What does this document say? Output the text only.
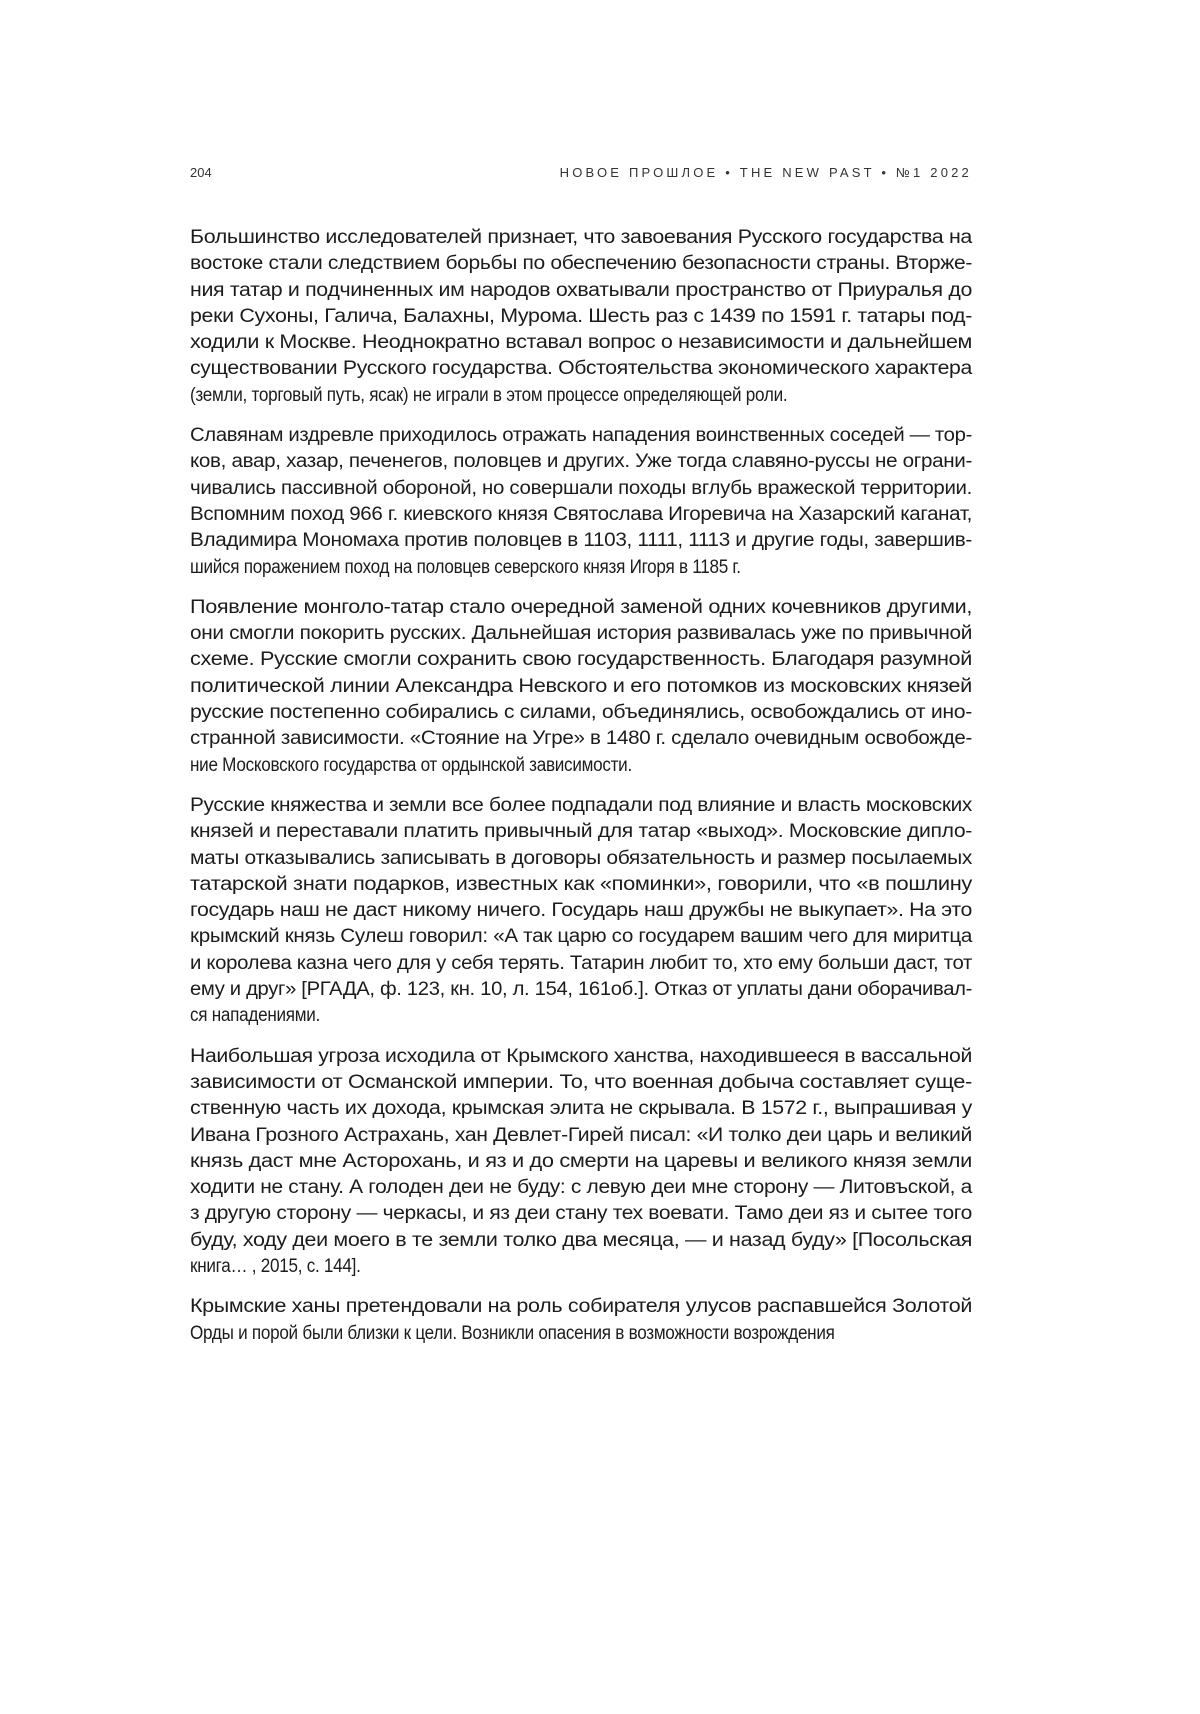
204	НОВОЕ ПРОШЛОЕ • THE NEW PAST • №1 2022
Большинство исследователей признает, что завоевания Русского государства на
востоке стали следствием борьбы по обеспечению безопасности страны. Вторже-
ния татар и подчиненных им народов охватывали пространство от Приуралья до
реки Сухоны, Галича, Балахны, Мурома. Шесть раз с 1439 по 1591 г. татары под-
ходили к Москве. Неоднократно вставал вопрос о независимости и дальнейшем
существовании Русского государства. Обстоятельства экономического характера
(земли, торговый путь, ясак) не играли в этом процессе определяющей роли.
Славянам издревле приходилось отражать нападения воинственных соседей — тор-
ков, авар, хазар, печенегов, половцев и других. Уже тогда славяно-руссы не ограни-
чивались пассивной обороной, но совершали походы вглубь вражеской территории.
Вспомним поход 966 г. киевского князя Святослава Игоревича на Хазарский каганат,
Владимира Мономаха против половцев в 1103, 1111, 1113 и другие годы, завершив-
шийся поражением поход на половцев северского князя Игоря в 1185 г.
Появление монголо-татар стало очередной заменой одних кочевников другими,
они смогли покорить русских. Дальнейшая история развивалась уже по привычной
схеме. Русские смогли сохранить свою государственность. Благодаря разумной
политической линии Александра Невского и его потомков из московских князей
русские постепенно собирались с силами, объединялись, освобождались от ино-
странной зависимости. «Стояние на Угре» в 1480 г. сделало очевидным освобожде-
ние Московского государства от ордынской зависимости.
Русские княжества и земли все более подпадали под влияние и власть московских
князей и переставали платить привычный для татар «выход». Московские дипло-
маты отказывались записывать в договоры обязательность и размер посылаемых
татарской знати подарков, известных как «поминки», говорили, что «в пошлину
государь наш не даст никому ничего. Государь наш дружбы не выкупает». На это
крымский князь Сулеш говорил: «А так царю со государем вашим чего для миритца
и королева казна чего для у себя терять. Татарин любит то, хто ему больши даст, тот
ему и друг» [РГАДА, ф. 123, кн. 10, л. 154, 161об.]. Отказ от уплаты дани оборачивал-
ся нападениями.
Наибольшая угроза исходила от Крымского ханства, находившееся в вассальной
зависимости от Османской империи. То, что военная добыча составляет суще-
ственную часть их дохода, крымская элита не скрывала. В 1572 г., выпрашивая у
Ивана Грозного Астрахань, хан Девлет-Гирей писал: «И толко деи царь и великий
князь даст мне Асторохань, и яз и до смерти на царевы и великого князя земли
ходити не стану. А голоден деи не буду: с левую деи мне сторону — Литовъской, а
з другую сторону — черкасы, и яз деи стану тех воевати. Тамо деи яз и сытее того
буду, ходу деи моего в те земли толко два месяца, — и назад буду» [Посольская
книга… , 2015, с. 144].
Крымские ханы претендовали на роль собирателя улусов распавшейся Золотой
Орды и порой были близки к цели. Возникли опасения в возможности возрождения
